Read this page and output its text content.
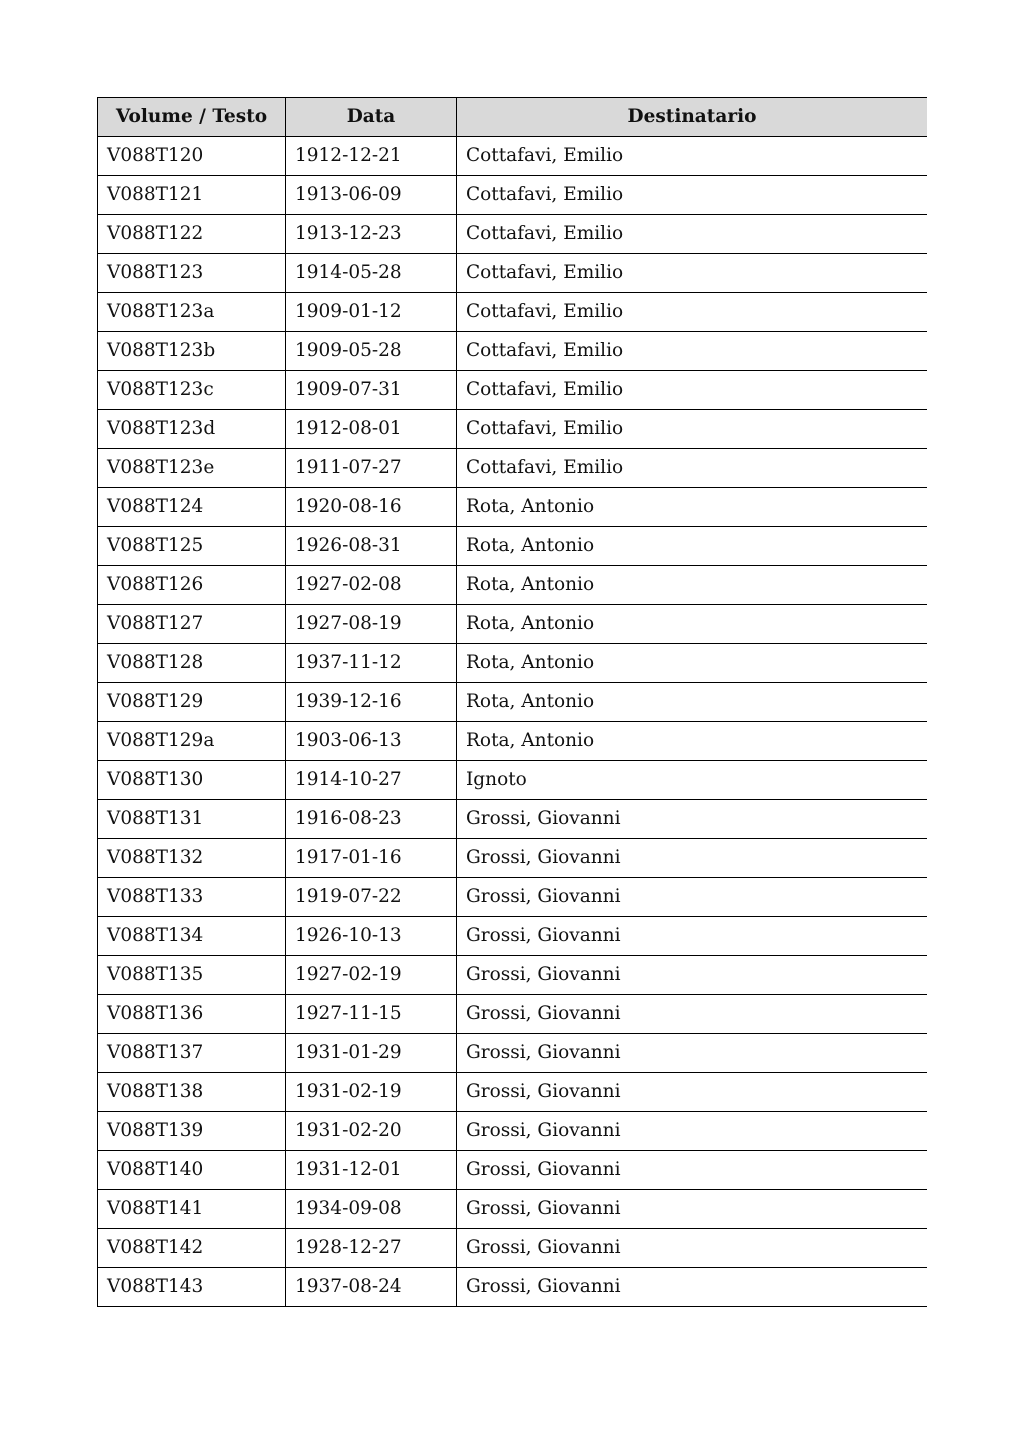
Volume / Testo	Data	Destinatario
V088T120	1912-12-21	Cottafavi, Emilio
V088T121	1913-06-09	Cottafavi, Emilio
V088T122	1913-12-23	Cottafavi, Emilio
V088T123	1914-05-28	Cottafavi, Emilio
V088T123a	1909-01-12	Cottafavi, Emilio
V088T123b	1909-05-28	Cottafavi, Emilio
V088T123c	1909-07-31	Cottafavi, Emilio
V088T123d	1912-08-01	Cottafavi, Emilio
V088T123e	1911-07-27	Cottafavi, Emilio
V088T124	1920-08-16	Rota, Antonio
V088T125	1926-08-31	Rota, Antonio
V088T126	1927-02-08	Rota, Antonio
V088T127	1927-08-19	Rota, Antonio
V088T128	1937-11-12	Rota, Antonio
V088T129	1939-12-16	Rota, Antonio
V088T129a	1903-06-13	Rota, Antonio
V088T130	1914-10-27	Ignoto
V088T131	1916-08-23	Grossi, Giovanni
V088T132	1917-01-16	Grossi, Giovanni
V088T133	1919-07-22	Grossi, Giovanni
V088T134	1926-10-13	Grossi, Giovanni
V088T135	1927-02-19	Grossi, Giovanni
V088T136	1927-11-15	Grossi, Giovanni
V088T137	1931-01-29	Grossi, Giovanni
V088T138	1931-02-19	Grossi, Giovanni
V088T139	1931-02-20	Grossi, Giovanni
V088T140	1931-12-01	Grossi, Giovanni
V088T141	1934-09-08	Grossi, Giovanni
V088T142	1928-12-27	Grossi, Giovanni
V088T143	1937-08-24	Grossi, Giovanni
